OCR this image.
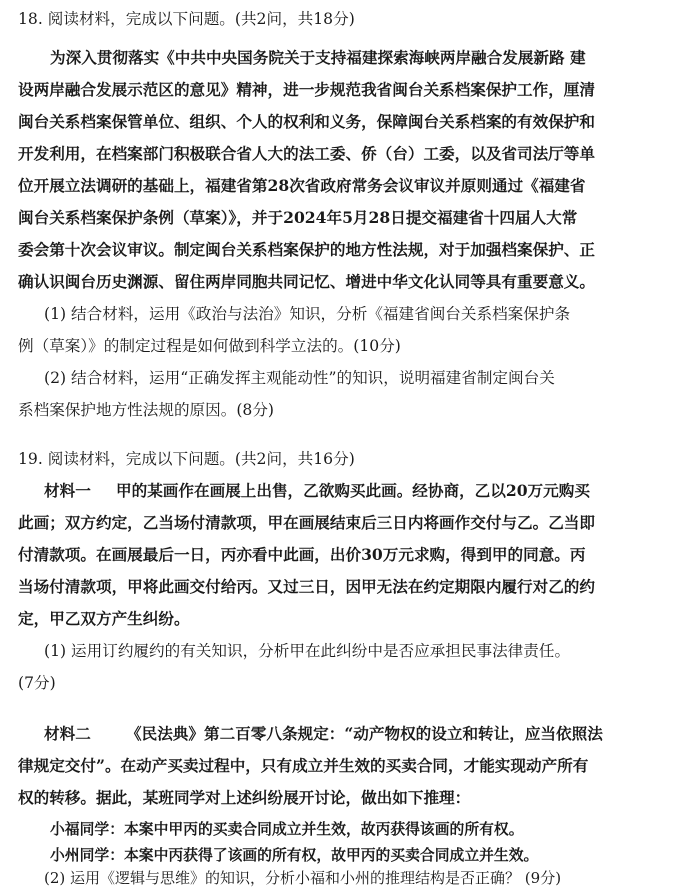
18. 阅读材料，完成以下问题。(共2问，共18分)
为深入贯彻落实《中共中央国务院关于支持福建探索海峡两岸融合发展新路 建
设两岸融合发展示范区的意见》精神，进一步规范我省闽台关系档案保护工作，厘清
闽台关系档案保管单位、组织、个人的权利和义务，保障闽台关系档案的有效保护和
开发利用，在档案部门积极联合省人大的法工委、侨（台）工委，以及省司法厅等单
位开展立法调研的基础上，福建省第28次省政府常务会议审议并原则通过《福建省
闽台关系档案保护条例（草案）》，并于2024年5月28日提交福建省十四届人大常
委会第十次会议审议。制定闽台关系档案保护的地方性法规，对于加强档案保护、正
确认识闽台历史渊源、留住两岸同胞共同记忆、增进中华文化认同等具有重要意义。
(1) 结合材料，运用《政治与法治》知识，分析《福建省闽台关系档案保护条
例（草案）》的制定过程是如何做到科学立法的。(10分)
(2) 结合材料，运用“正确发挥主观能动性”的知识，说明福建省制定闽台关
系档案保护地方性法规的原因。(8分)
19. 阅读材料，完成以下问题。(共2问，共16分)
材料一 甲的某画作在画展上出售，乙欲购买此画。经协商，乙以20万元购买
此画；双方约定，乙当场付清款项，甲在画展结束后三日内将画作交付与乙。乙当即
付清款项。在画展最后一日，丙亦看中此画，出价30万元求购，得到甲的同意。丙
当场付清款项，甲将此画交付给丙。又过三日，因甲无法在约定期限内履行对乙的约
定，甲乙双方产生纠纷。
(1) 运用订约履约的有关知识，分析甲在此纠纷中是否应承担民事法律责任。
(7分)
材料二 《民法典》第二百零八条规定：“动产物权的设立和转让，应当依照法
律规定交付”。在动产买卖过程中，只有成立并生效的买卖合同，才能实现动产所有
权的转移。据此，某班同学对上述纠纷展开讨论，做出如下推理：
小福同学：本案中甲丙的买卖合同成立并生效，故丙获得该画的所有权。
小州同学：本案中丙获得了该画的所有权，故甲丙的买卖合同成立并生效。
(2) 运用《逻辑与思维》的知识，分析小福和小州的推理结构是否正确？ (9分)
